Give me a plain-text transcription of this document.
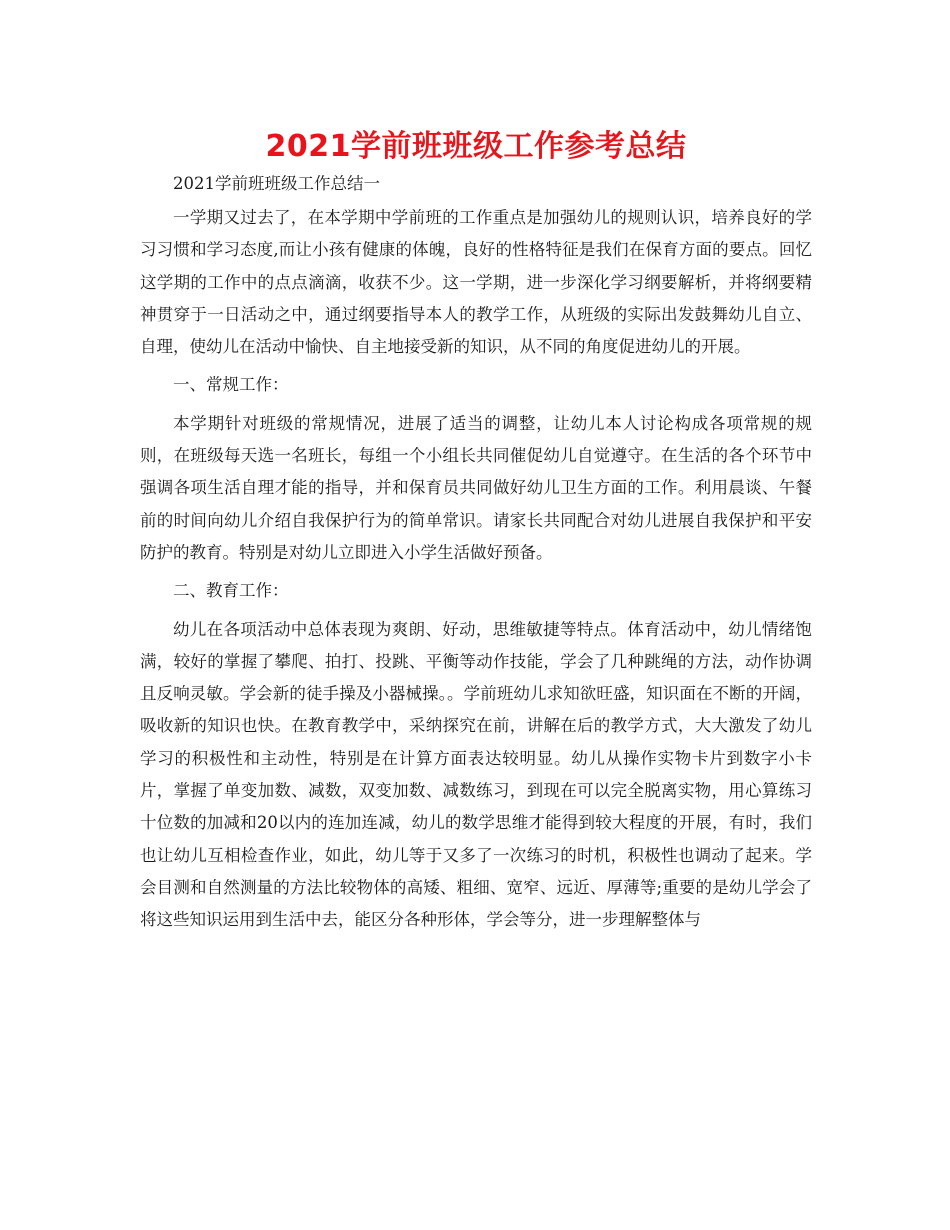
2021学前班班级工作参考总结

2021学前班班级工作总结一

一学期又过去了，在本学期中学前班的工作重点是加强幼儿的规则认识，培养良好的学习习惯和学习态度,而让小孩有健康的体魄，良好的性格特征是我们在保育方面的要点。回忆这学期的工作中的点点滴滴，收获不少。这一学期，进一步深化学习纲要解析，并将纲要精神贯穿于一日活动之中，通过纲要指导本人的教学工作，从班级的实际出发鼓舞幼儿自立、自理，使幼儿在活动中愉快、自主地接受新的知识，从不同的角度促进幼儿的开展。

一、常规工作：

本学期针对班级的常规情况，进展了适当的调整，让幼儿本人讨论构成各项常规的规则，在班级每天选一名班长，每组一个小组长共同催促幼儿自觉遵守。在生活的各个环节中强调各项生活自理才能的指导，并和保育员共同做好幼儿卫生方面的工作。利用晨谈、午餐前的时间向幼儿介绍自我保护行为的简单常识。请家长共同配合对幼儿进展自我保护和平安防护的教育。特别是对幼儿立即进入小学生活做好预备。

二、教育工作：

幼儿在各项活动中总体表现为爽朗、好动，思维敏捷等特点。体育活动中，幼儿情绪饱满，较好的掌握了攀爬、拍打、投跳、平衡等动作技能，学会了几种跳绳的方法，动作协调且反响灵敏。学会新的徒手操及小器械操。。学前班幼儿求知欲旺盛，知识面在不断的开阔，吸收新的知识也快。在教育教学中，采纳探究在前，讲解在后的教学方式，大大激发了幼儿学习的积极性和主动性，特别是在计算方面表达较明显。幼儿从操作实物卡片到数字小卡片，掌握了单变加数、减数，双变加数、减数练习，到现在可以完全脱离实物，用心算练习十位数的加减和20以内的连加连减，幼儿的数学思维才能得到较大程度的开展，有时，我们也让幼儿互相检查作业，如此，幼儿等于又多了一次练习的时机，积极性也调动了起来。学会目测和自然测量的方法比较物体的高矮、粗细、宽窄、远近、厚薄等;重要的是幼儿学会了将这些知识运用到生活中去，能区分各种形体，学会等分，进一步理解整体与
